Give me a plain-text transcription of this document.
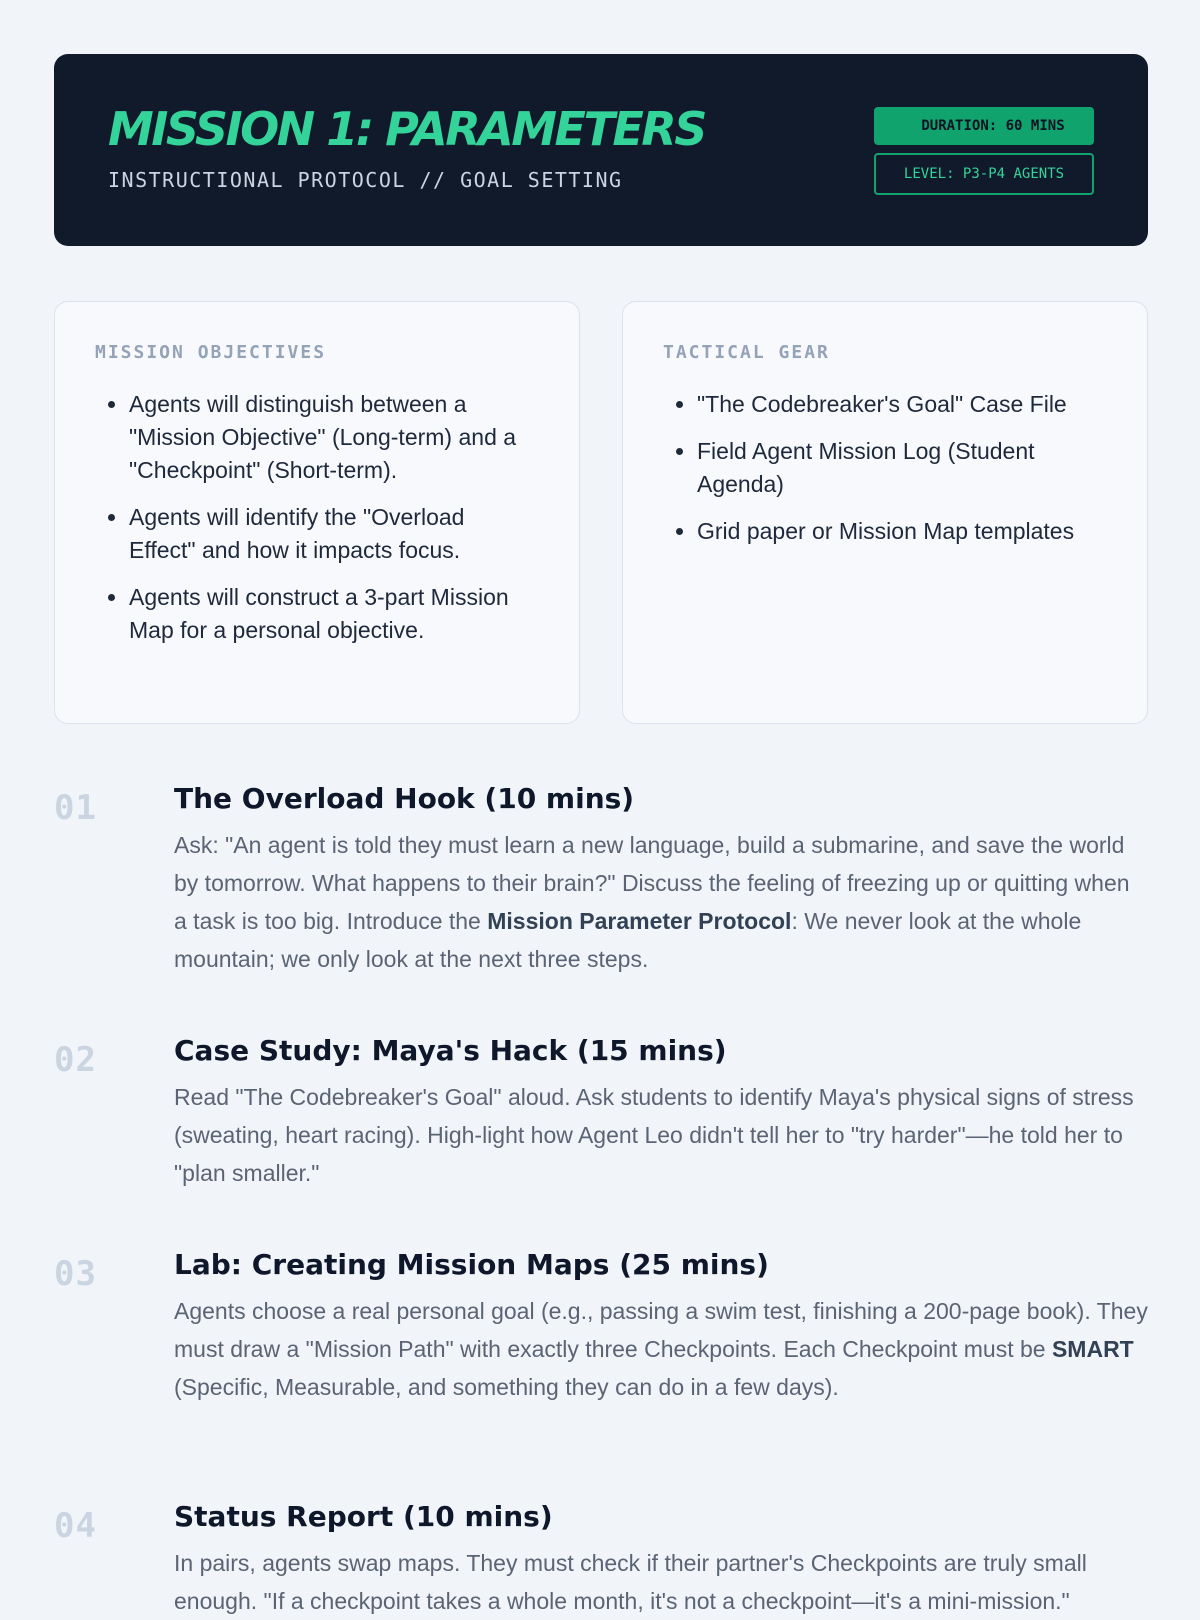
MISSION 1: PARAMETERS
INSTRUCTIONAL PROTOCOL // GOAL SETTING
DURATION: 60 MINS
LEVEL: P3-P4 AGENTS
MISSION OBJECTIVES
• Agents will distinguish between a "Mission Objective" (Long-term) and a "Checkpoint" (Short-term).
• Agents will identify the "Overload Effect" and how it impacts focus.
• Agents will construct a 3-part Mission Map for a personal objective.
TACTICAL GEAR
• "The Codebreaker's Goal" Case File
• Field Agent Mission Log (Student Agenda)
• Grid paper or Mission Map templates
01	The Overload Hook (10 mins)

Ask: "An agent is told they must learn a new language, build a submarine, and save the world by tomorrow. What happens to their brain?" Discuss the feeling of freezing up or quitting when a task is too big. Introduce the Mission Parameter Protocol: We never look at the whole mountain; we only look at the next three steps.

02	Case Study: Maya's Hack (15 mins)

Read "The Codebreaker's Goal" aloud. Ask students to identify Maya's physical signs of stress (sweating, heart racing). High-light how Agent Leo didn't tell her to "try harder"—he told her to "plan smaller."

03	Lab: Creating Mission Maps (25 mins)

Agents choose a real personal goal (e.g., passing a swim test, finishing a 200-page book). They must draw a "Mission Path" with exactly three Checkpoints. Each Checkpoint must be SMART (Specific, Measurable, and something they can do in a few days).

04	Status Report (10 mins)

In pairs, agents swap maps. They must check if their partner's Checkpoints are truly small enough. "If a checkpoint takes a whole month, it's not a checkpoint—it's a mini-mission."
